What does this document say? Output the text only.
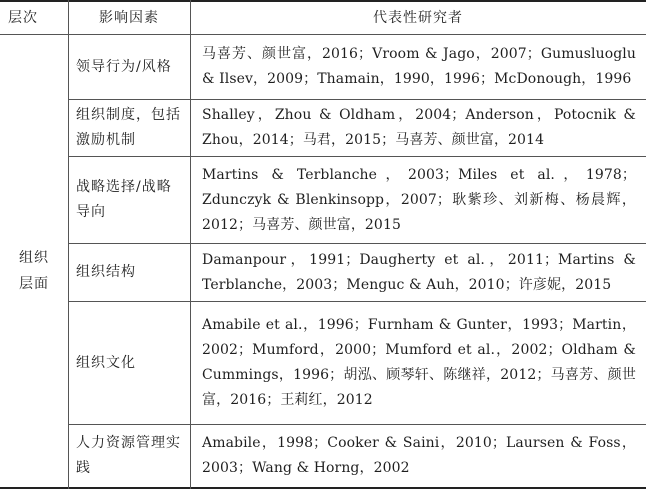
层次	影响因素	代表性研究者
组织层面
领导行为/风格
马喜芳、颜世富，2016；Vroom & Jago，2007；Gumusluoglu & Ilsev，2009；Thamain，1990，1996；McDonough，1996
组织制度，包括激励机制
Shalley，Zhou & Oldham，2004；Anderson，Potocnik & Zhou，2014；马君，2015；马喜芳、颜世富，2014
战略选择/战略导向
Martins & Terblanche，2003；Miles et al.，1978；Zdunczyk & Blenkinsopp，2007；耿紫珍、刘新梅、杨晨辉，2012；马喜芳、颜世富，2015
组织结构
Damanpour，1991；Daugherty et al.，2011；Martins & Terblanche，2003；Menguc & Auh，2010；许彦妮，2015
组织文化
Amabile et al.，1996；Furnham & Gunter，1993；Martin，2002；Mumford，2000；Mumford et al.，2002；Oldham & Cummings，1996；胡泓、顾琴轩、陈继祥，2012；马喜芳、颜世富，2016；王莉红，2012
人力资源管理实践
Amabile，1998；Cooker & Saini，2010；Laursen & Foss，2003；Wang & Horng，2002
